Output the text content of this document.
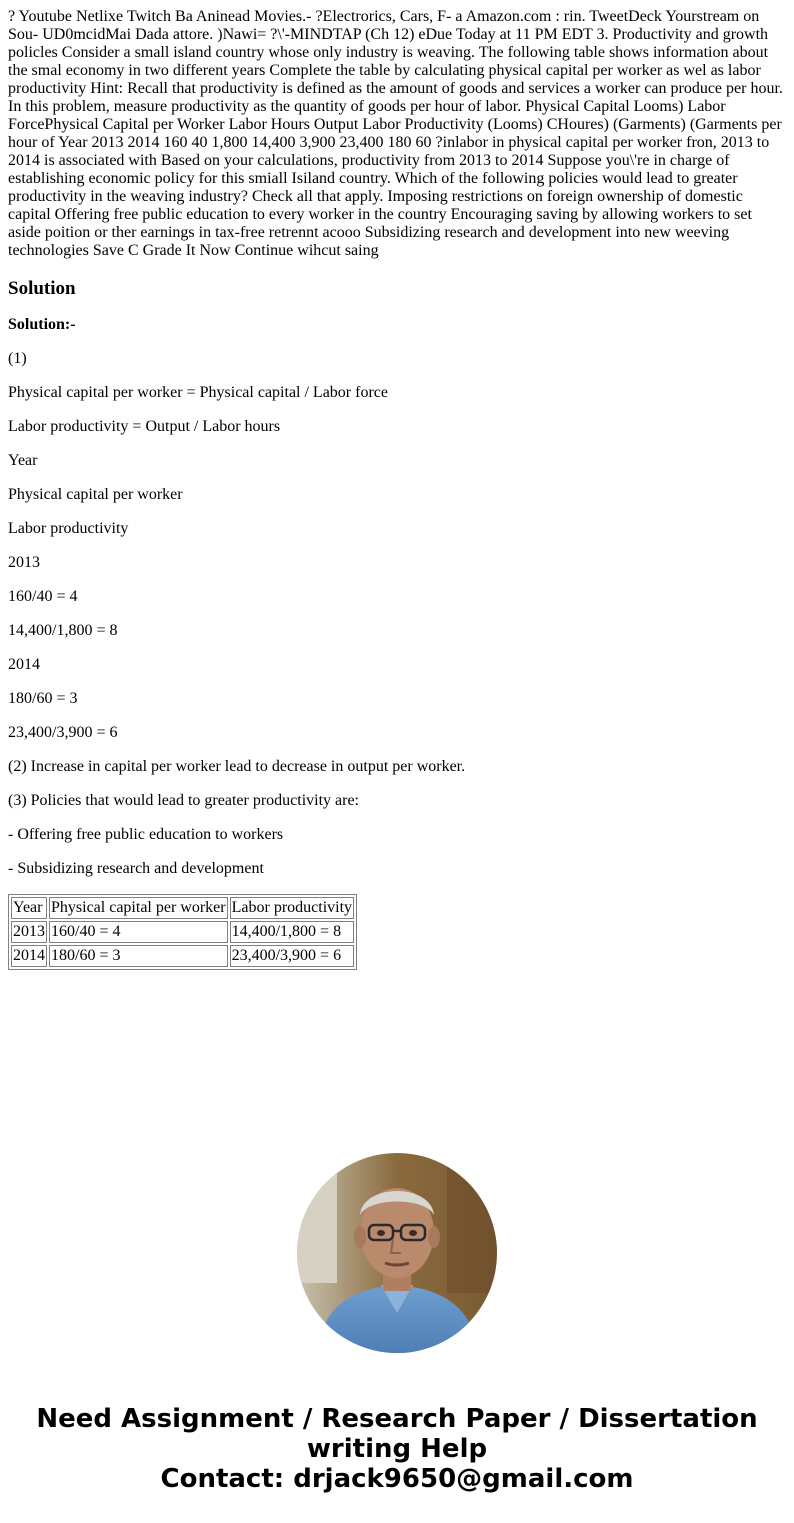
? Youtube Netlixe Twitch Ba Aninead Movies.- ?Electrorics, Cars, F- a Amazon.com : rin. TweetDeck Yourstream on Sou- UD0mcidMai Dada attore. )Nawi= ?\'-MINDTAP (Ch 12) eDue Today at 11 PM EDT 3. Productivity and growth policles Consider a small island country whose only industry is weaving. The following table shows information about the smal economy in two different years Complete the table by calculating physical capital per worker as wel as labor productivity Hint: Recall that productivity is defined as the amount of goods and services a worker can produce per hour. In this problem, measure productivity as the quantity of goods per hour of labor. Physical Capital Looms) Labor ForcePhysical Capital per Worker Labor Hours Output Labor Productivity (Looms) CHoures) (Garments) (Garments per hour of Year 2013 2014 160 40 1,800 14,400 3,900 23,400 180 60 ?inlabor in physical capital per worker fron, 2013 to 2014 is associated with Based on your calculations, productivity from 2013 to 2014 Suppose you\'re in charge of establishing economic policy for this smiall Isiland country. Which of the following policies would lead to greater productivity in the weaving industry? Check all that apply. Imposing restrictions on foreign ownership of domestic capital Offering free public education to every worker in the country Encouraging saving by allowing workers to set aside poition or ther earnings in tax-free retrennt acooo Subsidizing research and development into new weeving technologies Save C Grade It Now Continue wihcut saing

Solution

Solution:-

(1)

Physical capital per worker = Physical capital / Labor force

Labor productivity = Output / Labor hours

Year

Physical capital per worker

Labor productivity

2013

160/40 = 4

14,400/1,800 = 8

2014

180/60 = 3

23,400/3,900 = 6

(2) Increase in capital per worker lead to decrease in output per worker.

(3) Policies that would lead to greater productivity are:

- Offering free public education to workers

- Subsidizing research and development

Year	Physical capital per worker	Labor productivity
2013	160/40 = 4	14,400/1,800 = 8
2014	180/60 = 3	23,400/3,900 = 6
Need Assignment / Research Paper / Dissertation
writing Help
Contact: drjack9650@gmail.com
